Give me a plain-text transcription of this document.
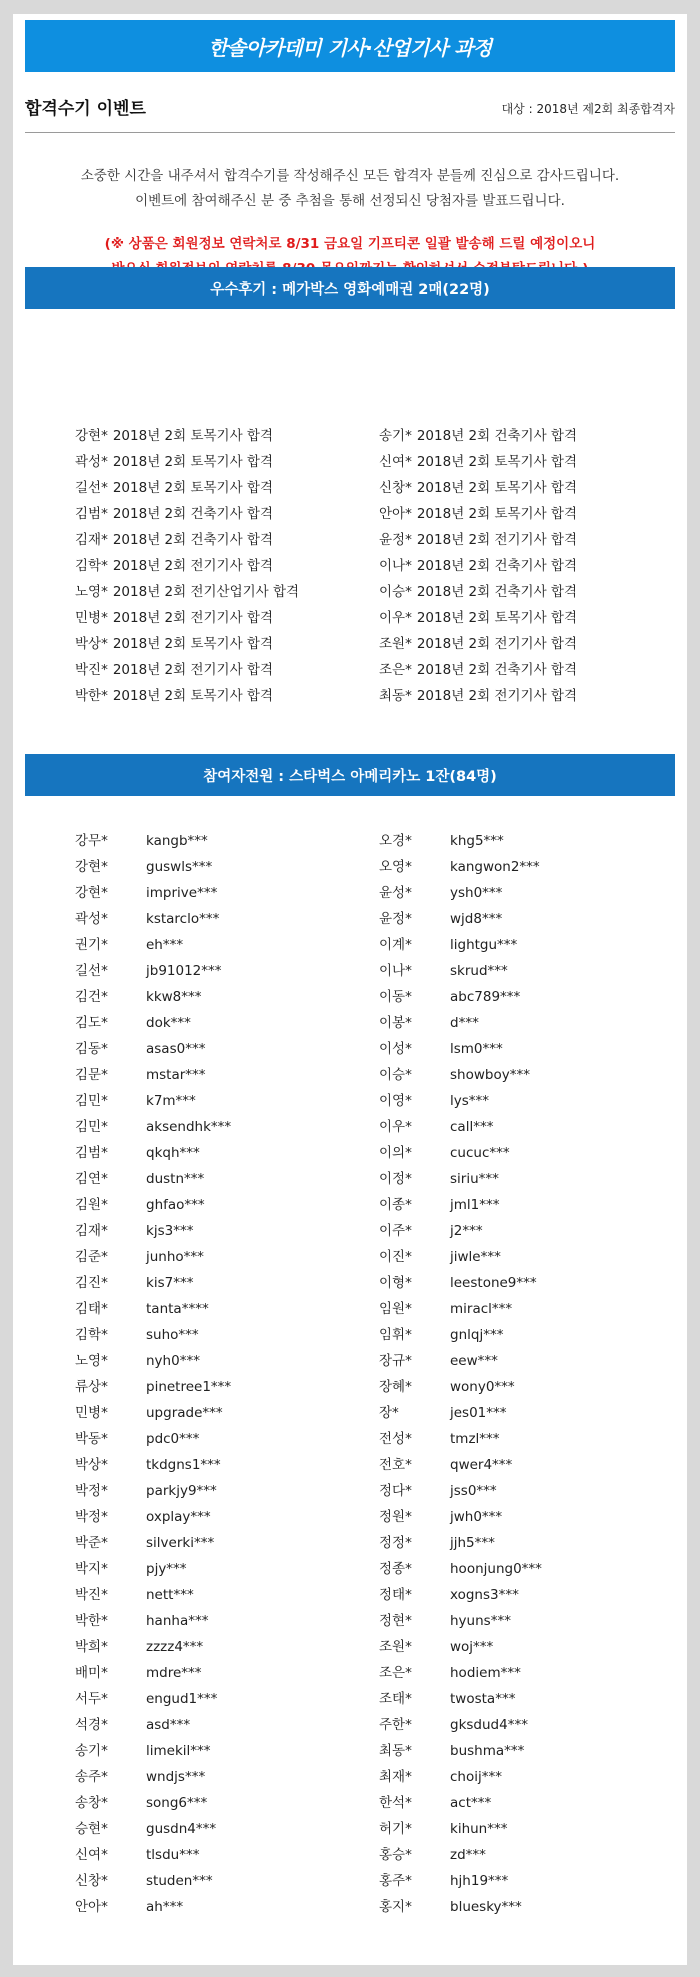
한솔아카데미 기사·산업기사 과정
합격수기 이벤트	대상 : 2018년 제2회 최종합격자
소중한 시간을 내주셔서 합격수기를 작성해주신 모든 합격자 분들께 진심으로 감사드립니다.
이벤트에 참여해주신 분 중 추첨을 통해 선정되신 당첨자를 발표드립니다.
(※ 상품은 회원정보 연락처로 8/31 금요일 기프티콘 일괄 발송해 드릴 예정이오니
우수후기 : 메가박스 영화예매권 2매(22명)
강현* 2018년 2회 토목기사 합격
곽성* 2018년 2회 토목기사 합격
길선* 2018년 2회 토목기사 합격
김범* 2018년 2회 건축기사 합격
김재* 2018년 2회 건축기사 합격
김학* 2018년 2회 전기기사 합격
노영* 2018년 2회 전기산업기사 합격
민병* 2018년 2회 전기기사 합격
박상* 2018년 2회 토목기사 합격
박진* 2018년 2회 전기기사 합격
박한* 2018년 2회 토목기사 합격
송기* 2018년 2회 건축기사 합격
신여* 2018년 2회 토목기사 합격
신창* 2018년 2회 토목기사 합격
안아* 2018년 2회 토목기사 합격
윤정* 2018년 2회 전기기사 합격
이나* 2018년 2회 건축기사 합격
이승* 2018년 2회 건축기사 합격
이우* 2018년 2회 토목기사 합격
조원* 2018년 2회 전기기사 합격
조은* 2018년 2회 건축기사 합격
최동* 2018년 2회 전기기사 합격
참여자전원 : 스타벅스 아메리카노 1잔(84명)
강무*	kangb***
강현*	guswls***
강현*	imprive***
곽성*	kstarclo***
권기*	eh***
길선*	jb91012***
김건*	kkw8***
김도*	dok***
김동*	asas0***
김문*	mstar***
김민*	k7m***
김민*	aksendhk***
김범*	qkqh***
김연*	dustn***
김원*	ghfao***
김재*	kjs3***
김준*	junho***
김진*	kis7***
김태*	tanta****
김학*	suho***
노영*	nyh0***
류상*	pinetree1***
민병*	upgrade***
박동*	pdc0***
박상*	tkdgns1***
박정*	parkjy9***
박정*	oxplay***
박준*	silverki***
박지*	pjy***
박진*	nett***
박한*	hanha***
박희*	zzzz4***
배미*	mdre***
서두*	engud1***
석경*	asd***
송기*	limekil***
송주*	wndjs***
송창*	song6***
승현*	gusdn4***
신여*	tlsdu***
신창*	studen***
안아*	ah***
오경*	khg5***
오영*	kangwon2***
윤성*	ysh0***
윤정*	wjd8***
이계*	lightgu***
이나*	skrud***
이동*	abc789***
이봉*	d***
이성*	lsm0***
이승*	showboy***
이영*	lys***
이우*	call***
이의*	cucuc***
이정*	siriu***
이종*	jml1***
이주*	j2***
이진*	jiwle***
이형*	leestone9***
임원*	miracl***
임휘*	gnlqj***
장규*	eew***
장혜*	wony0***
장*	jes01***
전성*	tmzl***
전호*	qwer4***
정다*	jss0***
정원*	jwh0***
정정*	jjh5***
정종*	hoonjung0***
정태*	xogns3***
정현*	hyuns***
조원*	woj***
조은*	hodiem***
조태*	twosta***
주한*	gksdud4***
최동*	bushma***
최재*	choij***
한석*	act***
허기*	kihun***
홍승*	zd***
홍주*	hjh19***
홍지*	bluesky***
